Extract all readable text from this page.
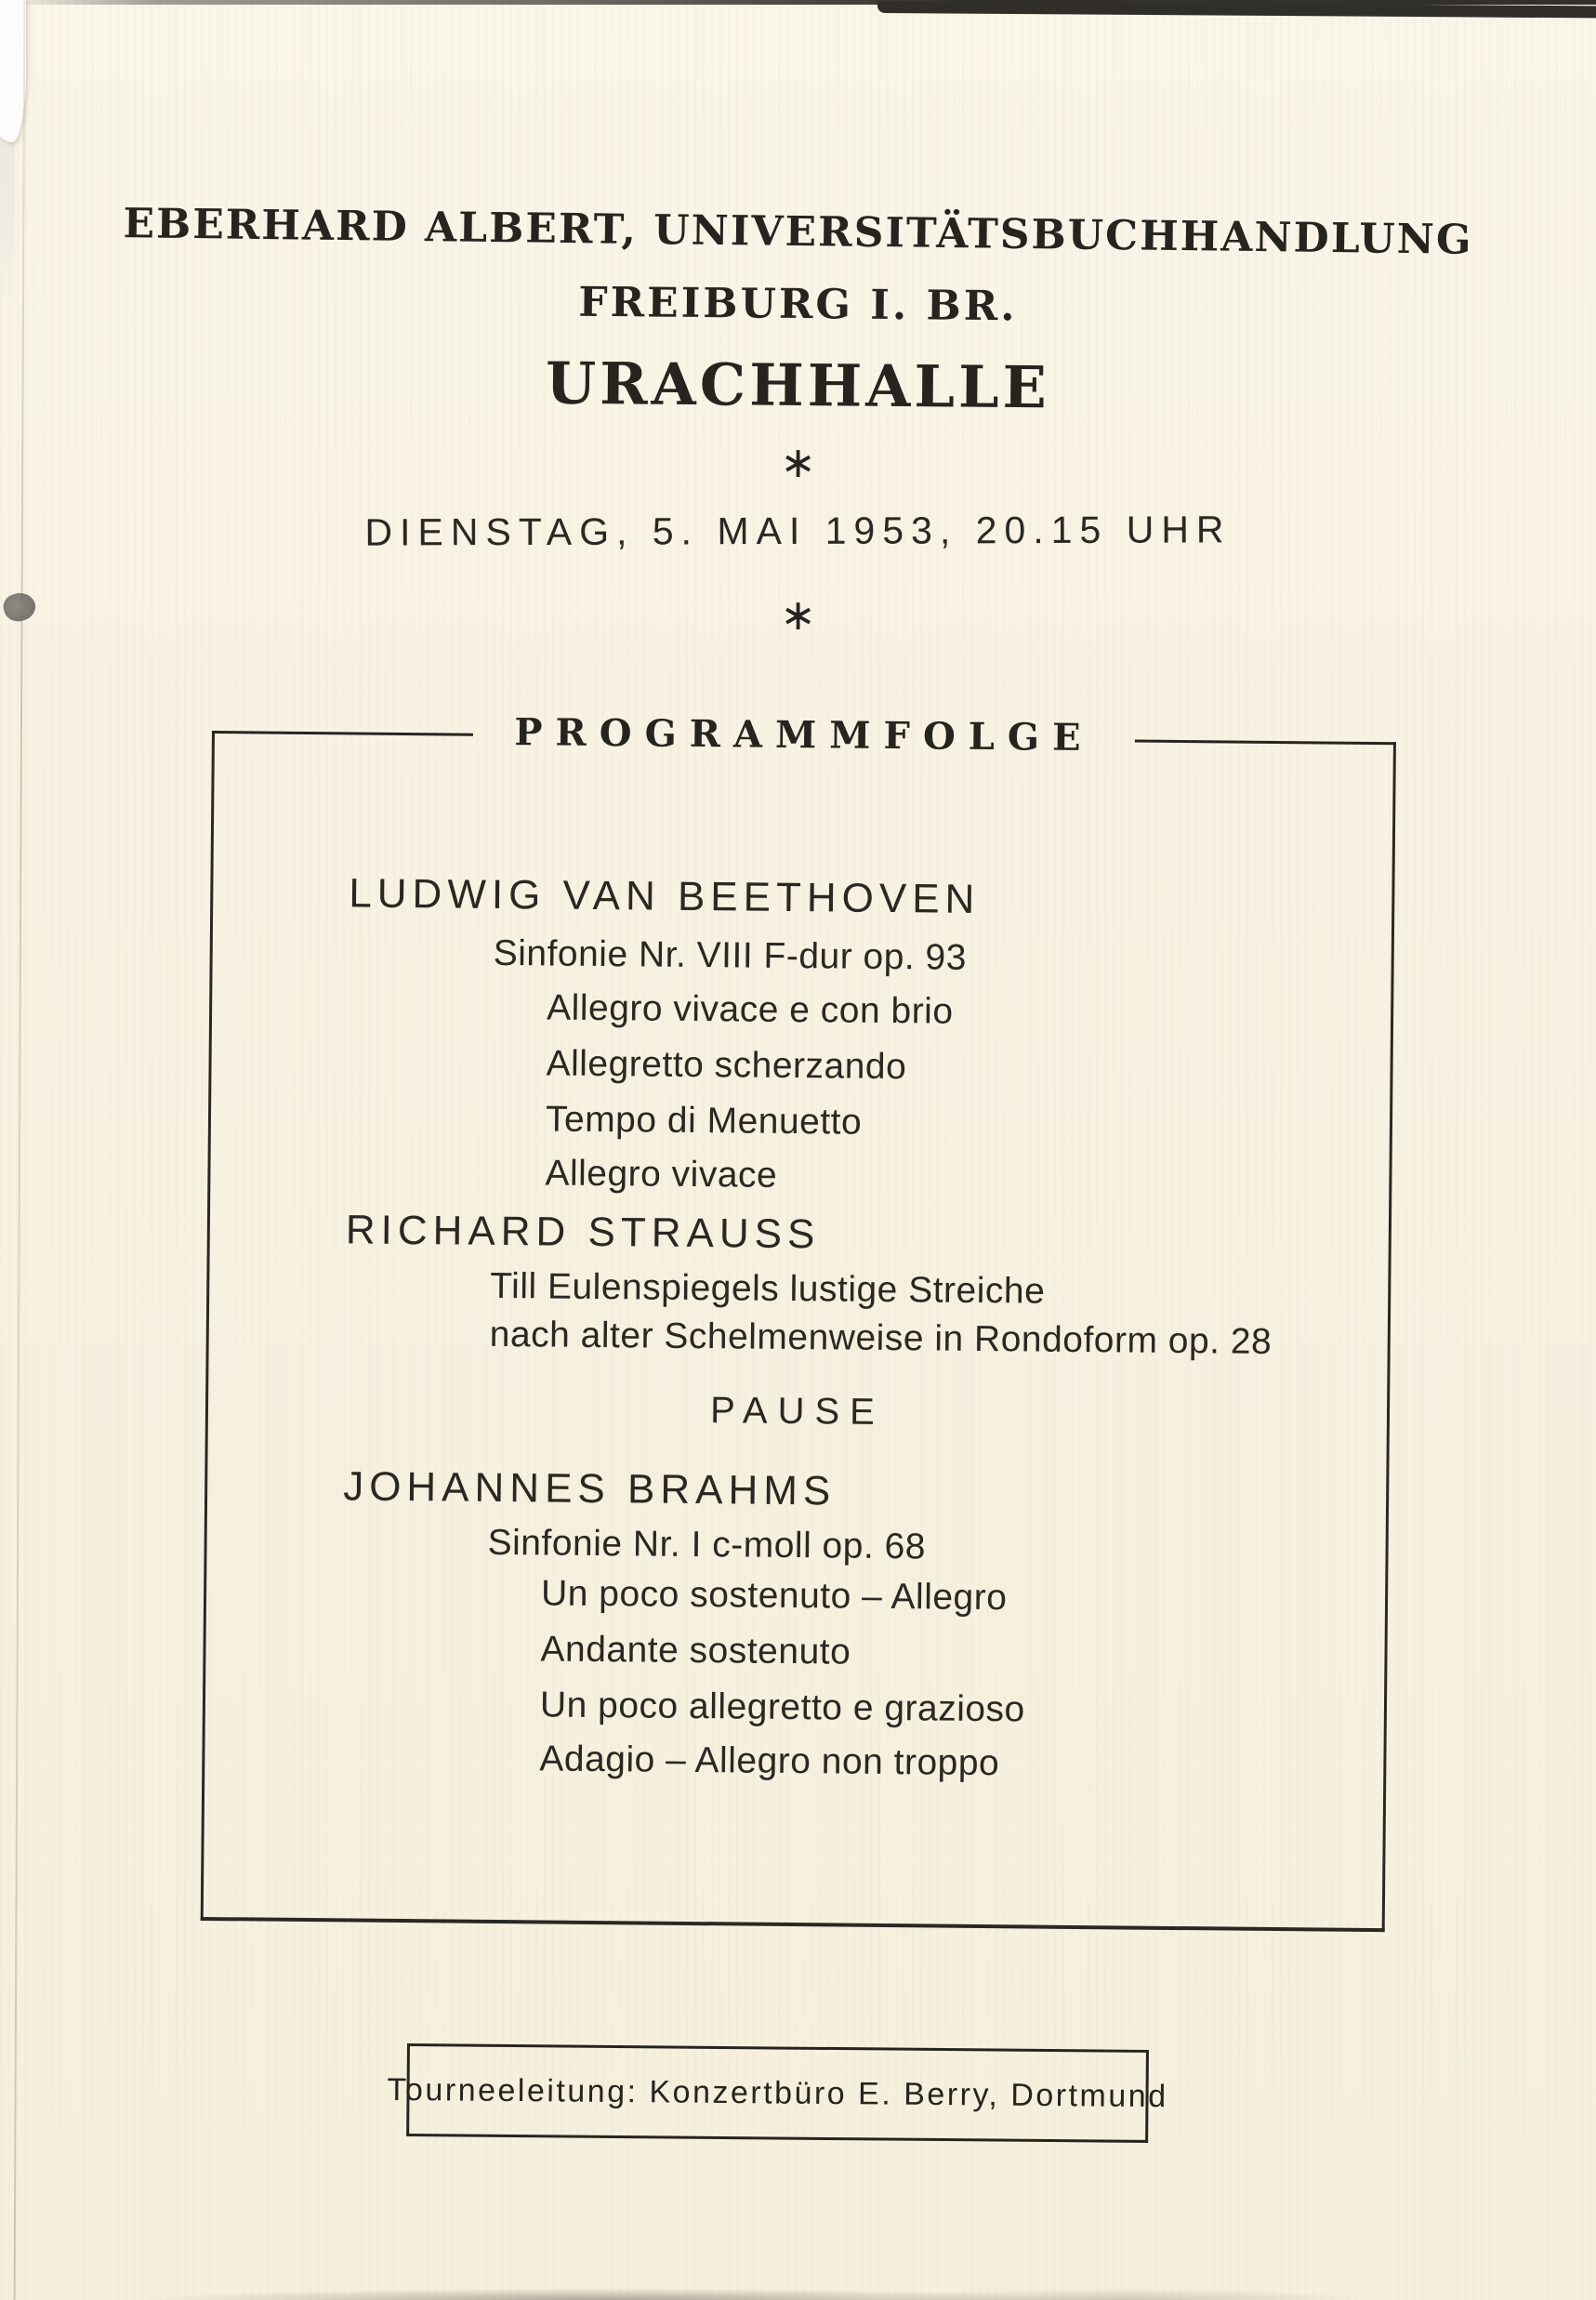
EBERHARD ALBERT, UNIVERSITÄTSBUCHHANDLUNG
FREIBURG I. BR.
URACHHALLE
∗
DIENSTAG, 5. MAI 1953, 20.15 UHR
∗
PROGRAMMFOLGE
LUDWIG VAN BEETHOVEN
Sinfonie Nr. VIII F-dur op. 93
Allegro vivace e con brio
Allegretto scherzando
Tempo di Menuetto
Allegro vivace
RICHARD STRAUSS
Till Eulenspiegels lustige Streiche
nach alter Schelmenweise in Rondoform op. 28
PAUSE
JOHANNES BRAHMS
Sinfonie Nr. I c-moll op. 68
Un poco sostenuto – Allegro
Andante sostenuto
Un poco allegretto e grazioso
Adagio – Allegro non troppo
Tourneeleitung: Konzertbüro E. Berry, Dortmund
